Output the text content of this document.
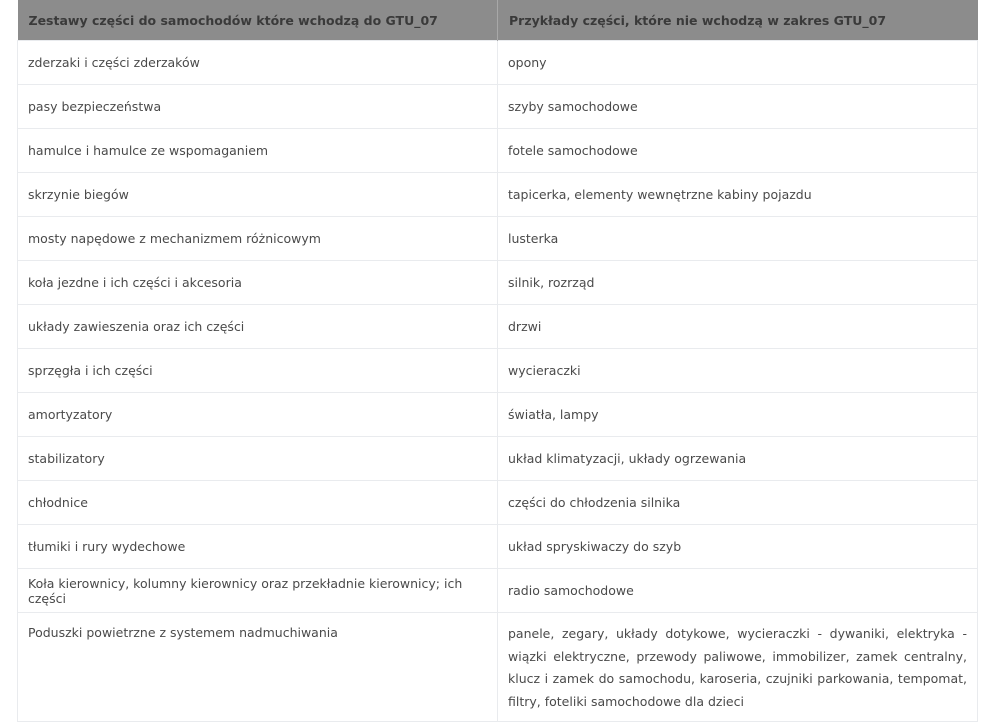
Zestawy części do samochodów które wchodzą do GTU_07	Przykłady części, które nie wchodzą w zakres GTU_07
zderzaki i części zderzaków	opony
pasy bezpieczeństwa	szyby samochodowe
hamulce i hamulce ze wspomaganiem	fotele samochodowe
skrzynie biegów	tapicerka, elementy wewnętrzne kabiny pojazdu
mosty napędowe z mechanizmem różnicowym	lusterka
koła jezdne i ich części i akcesoria	silnik, rozrząd
układy zawieszenia oraz ich części	drzwi
sprzęgła i ich części	wycieraczki
amortyzatory	światła, lampy
stabilizatory	układ klimatyzacji, układy ogrzewania
chłodnice	części do chłodzenia silnika
tłumiki i rury wydechowe	układ spryskiwaczy do szyb
Koła kierownicy, kolumny kierownicy oraz przekładnie kierownicy; ich części	radio samochodowe
Poduszki powietrzne z systemem nadmuchiwania	panele, zegary, układy dotykowe, wycieraczki - dywaniki, elektryka - wiązki elektryczne, przewody paliwowe, immobilizer, zamek centralny, klucz i zamek do samochodu, karoseria, czujniki parkowania, tempomat, filtry, foteliki samochodowe dla dzieci
